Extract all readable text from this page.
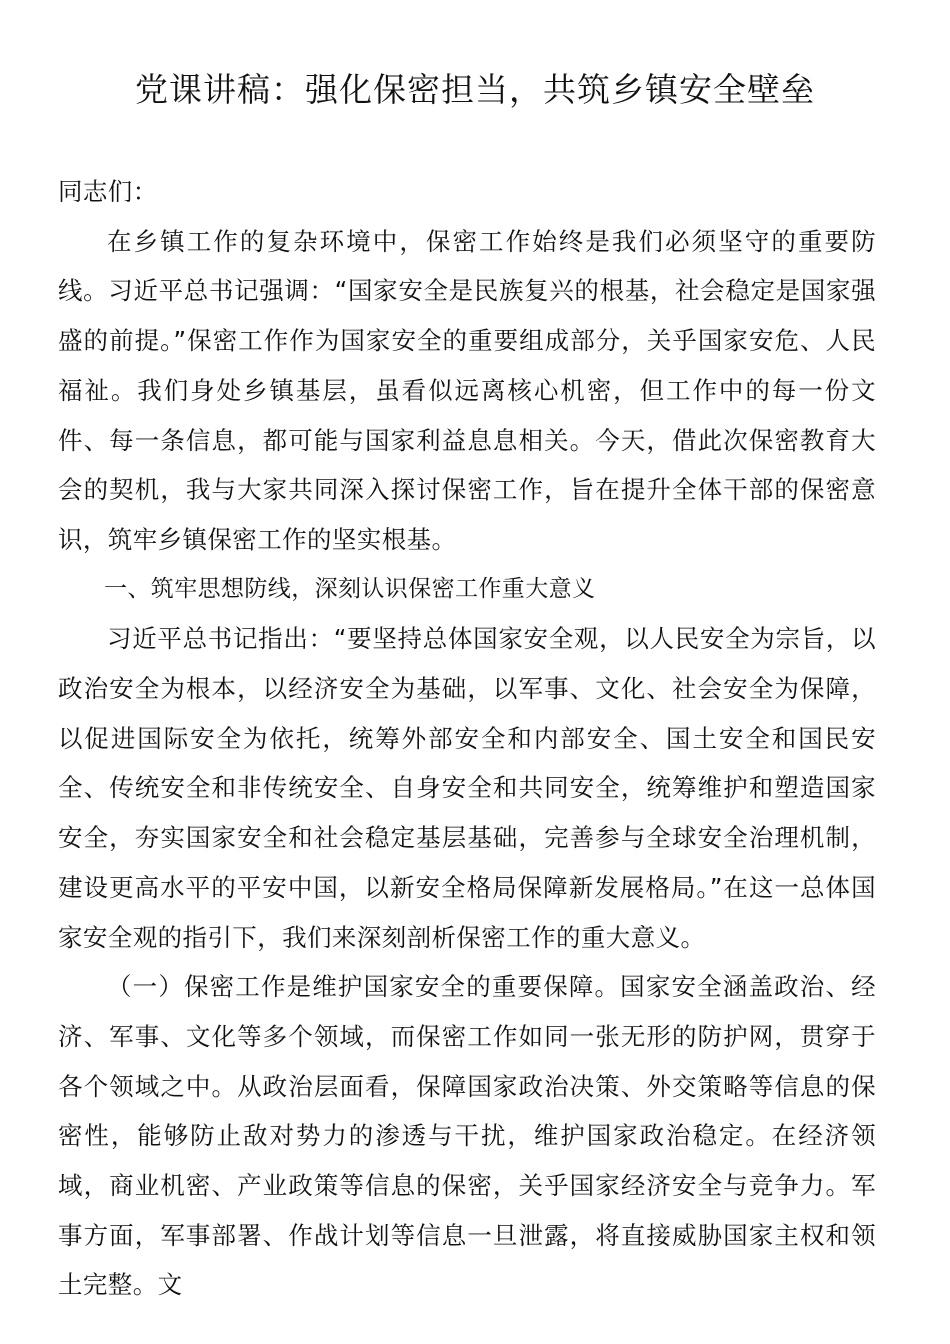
党课讲稿：强化保密担当，共筑乡镇安全壁垒

同志们：

在乡镇工作的复杂环境中，保密工作始终是我们必须坚守的重要防线。习近平总书记强调：“国家安全是民族复兴的根基，社会稳定是国家强盛的前提。”保密工作作为国家安全的重要组成部分，关乎国家安危、人民福祉。我们身处乡镇基层，虽看似远离核心机密，但工作中的每一份文件、每一条信息，都可能与国家利益息息相关。今天，借此次保密教育大会的契机，我与大家共同深入探讨保密工作，旨在提升全体干部的保密意识，筑牢乡镇保密工作的坚实根基。

一、筑牢思想防线，深刻认识保密工作重大意义

习近平总书记指出：“要坚持总体国家安全观，以人民安全为宗旨，以政治安全为根本，以经济安全为基础，以军事、文化、社会安全为保障，以促进国际安全为依托，统筹外部安全和内部安全、国土安全和国民安全、传统安全和非传统安全、自身安全和共同安全，统筹维护和塑造国家安全，夯实国家安全和社会稳定基层基础，完善参与全球安全治理机制，建设更高水平的平安中国，以新安全格局保障新发展格局。”在这一总体国家安全观的指引下，我们来深刻剖析保密工作的重大意义。

（一）保密工作是维护国家安全的重要保障。国家安全涵盖政治、经济、军事、文化等多个领域，而保密工作如同一张无形的防护网，贯穿于各个领域之中。从政治层面看，保障国家政治决策、外交策略等信息的保密性，能够防止敌对势力的渗透与干扰，维护国家政治稳定。在经济领域，商业机密、产业政策等信息的保密，关乎国家经济安全与竞争力。军事方面，军事部署、作战计划等信息一旦泄露，将直接威胁国家主权和领土完整。文
